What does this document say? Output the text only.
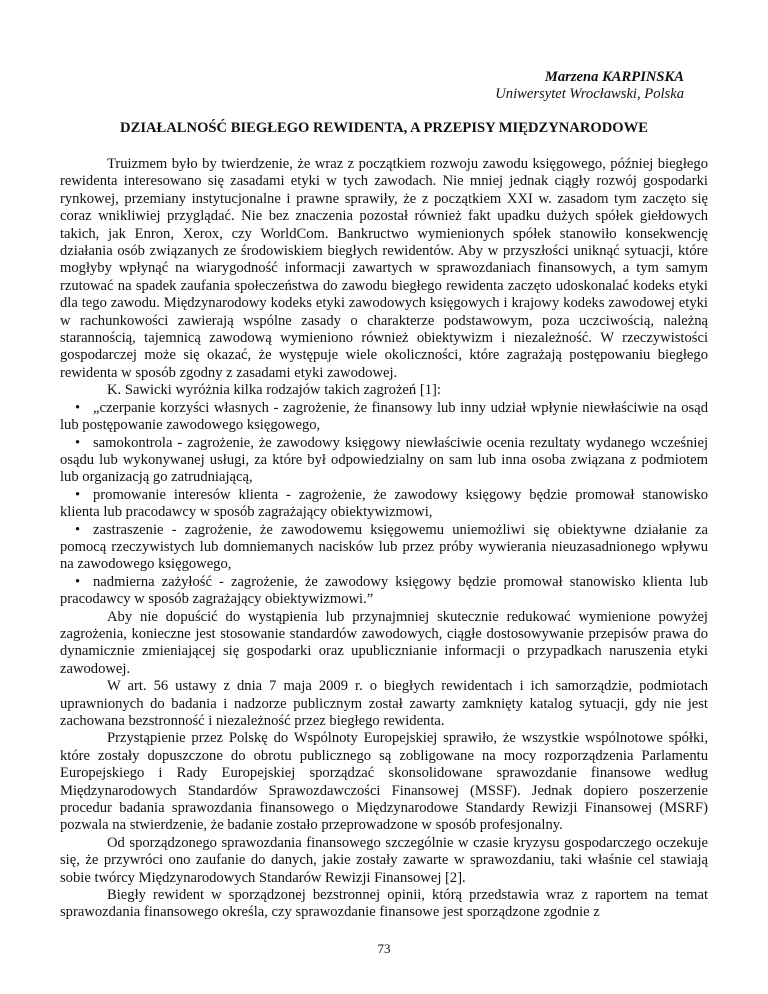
Marzena KARPINSKA
Uniwersytet Wrocławski, Polska
DZIAŁALNOŚĆ BIEGŁEGO REWIDENTA, A PRZEPISY MIĘDZYNARODOWE

Truizmem było by twierdzenie, że wraz z początkiem rozwoju zawodu księgowego, później biegłego rewidenta interesowano się zasadami etyki w tych zawodach. Nie mniej jednak ciągły rozwój gospodarki rynkowej, przemiany instytucjonalne i prawne sprawiły, że z początkiem XXI w. zasadom tym zaczęto się coraz wnikliwiej przyglądać. Nie bez znaczenia pozostał również fakt upadku dużych spółek giełdowych takich, jak Enron, Xerox, czy WorldCom. Bankructwo wymienionych spółek stanowiło konsekwencję działania osób związanych ze środowiskiem biegłych rewidentów. Aby w przyszłości uniknąć sytuacji, które mogłyby wpłynąć na wiarygodność informacji zawartych w sprawozdaniach finansowych, a tym samym rzutować na spadek zaufania społeczeństwa do zawodu biegłego rewidenta zaczęto udoskonalać kodeks etyki dla tego zawodu. Międzynarodowy kodeks etyki zawodowych księgowych i krajowy kodeks zawodowej etyki w rachunkowości zawierają wspólne zasady o charakterze podstawowym, poza uczciwością, należną starannością, tajemnicą zawodową wymieniono również obiektywizm i niezależność. W rzeczywistości gospodarczej może się okazać, że występuje wiele okoliczności, które zagrażają postępowaniu biegłego rewidenta w sposób zgodny z zasadami etyki zawodowej.

K. Sawicki wyróżnia kilka rodzajów takich zagrożeń [1]:

• „czerpanie korzyści własnych - zagrożenie, że finansowy lub inny udział wpłynie niewłaściwie na osąd lub postępowanie zawodowego księgowego,

• samokontrola - zagrożenie, że zawodowy księgowy niewłaściwie ocenia rezultaty wydanego wcześniej osądu lub wykonywanej usługi, za które był odpowiedzialny on sam lub inna osoba związana z podmiotem lub organizacją go zatrudniającą,

• promowanie interesów klienta - zagrożenie, że zawodowy księgowy będzie promował stanowisko klienta lub pracodawcy w sposób zagrażający obiektywizmowi,

• zastraszenie - zagrożenie, że zawodowemu księgowemu uniemożliwi się obiektywne działanie za pomocą rzeczywistych lub domniemanych nacisków lub przez próby wywierania nieuzasadnionego wpływu na zawodowego księgowego,

• nadmierna zażyłość - zagrożenie, że zawodowy księgowy będzie promował stanowisko klienta lub pracodawcy w sposób zagrażający obiektywizmowi.”

Aby nie dopuścić do wystąpienia lub przynajmniej skutecznie redukować wymienione powyżej zagrożenia, konieczne jest stosowanie standardów zawodowych, ciągłe dostosowywanie przepisów prawa do dynamicznie zmieniającej się gospodarki oraz upublicznianie informacji o przypadkach naruszenia etyki zawodowej.

W art. 56 ustawy z dnia 7 maja 2009 r. o biegłych rewidentach i ich samorządzie, podmiotach uprawnionych do badania i nadzorze publicznym został zawarty zamknięty katalog sytuacji, gdy nie jest zachowana bezstronność i niezależność przez biegłego rewidenta.

Przystąpienie przez Polskę do Wspólnoty Europejskiej sprawiło, że wszystkie wspólnotowe spółki, które zostały dopuszczone do obrotu publicznego są zobligowane na mocy rozporządzenia Parlamentu Europejskiego i Rady Europejskiej sporządzać skonsolidowane sprawozdanie finansowe według Międzynarodowych Standardów Sprawozdawczości Finansowej (MSSF). Jednak dopiero poszerzenie procedur badania sprawozdania finansowego o Międzynarodowe Standardy Rewizji Finansowej (MSRF) pozwala na stwierdzenie, że badanie zostało przeprowadzone w sposób profesjonalny.

Od sporządzonego sprawozdania finansowego szczególnie w czasie kryzysu gospodarczego oczekuje się, że przywróci ono zaufanie do danych, jakie zostały zawarte w sprawozdaniu, taki właśnie cel stawiają sobie twórcy Międzynarodowych Standarów Rewizji Finansowej [2].

Biegły rewident w sporządzonej bezstronnej opinii, którą przedstawia wraz z raportem na temat sprawozdania finansowego określa, czy sprawozdanie finansowe jest sporządzone zgodnie z

73
